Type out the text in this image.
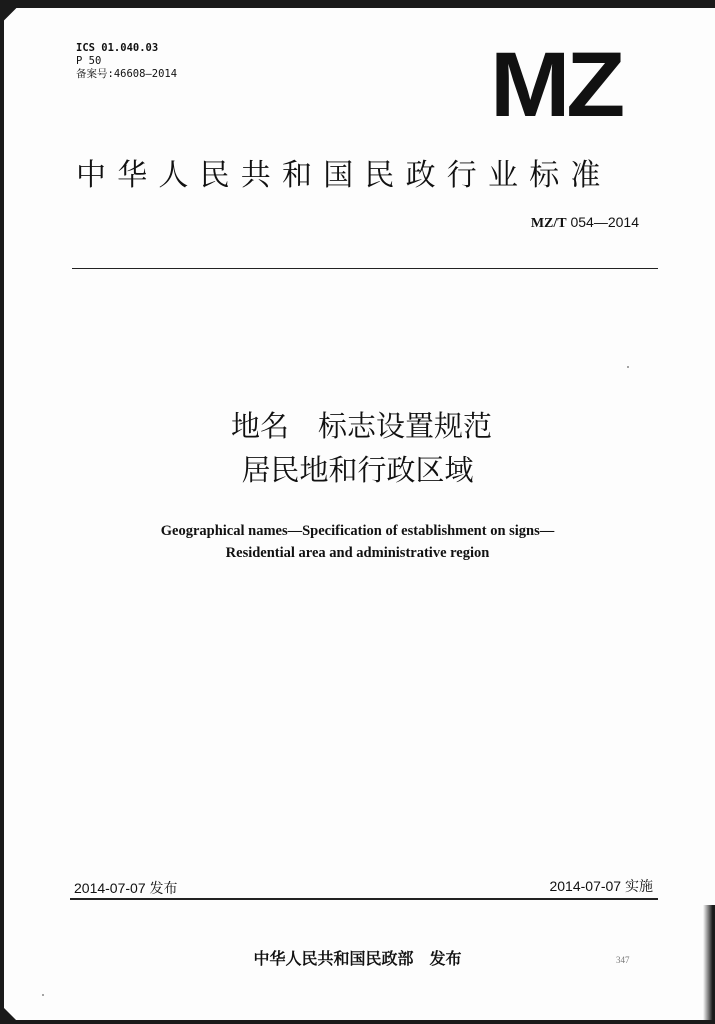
ICS 01.040.03
P 50
备案号:46608—2014	MZ
中华人民共和国民政行业标准
MZ/T 054—2014
地名　标志设置规范
居民地和行政区域
Geographical names—Specification of establishment on signs—
Residential area and administrative region
2014-07-07 发布	2014-07-07 实施
中华人民共和国民政部　发布	347
